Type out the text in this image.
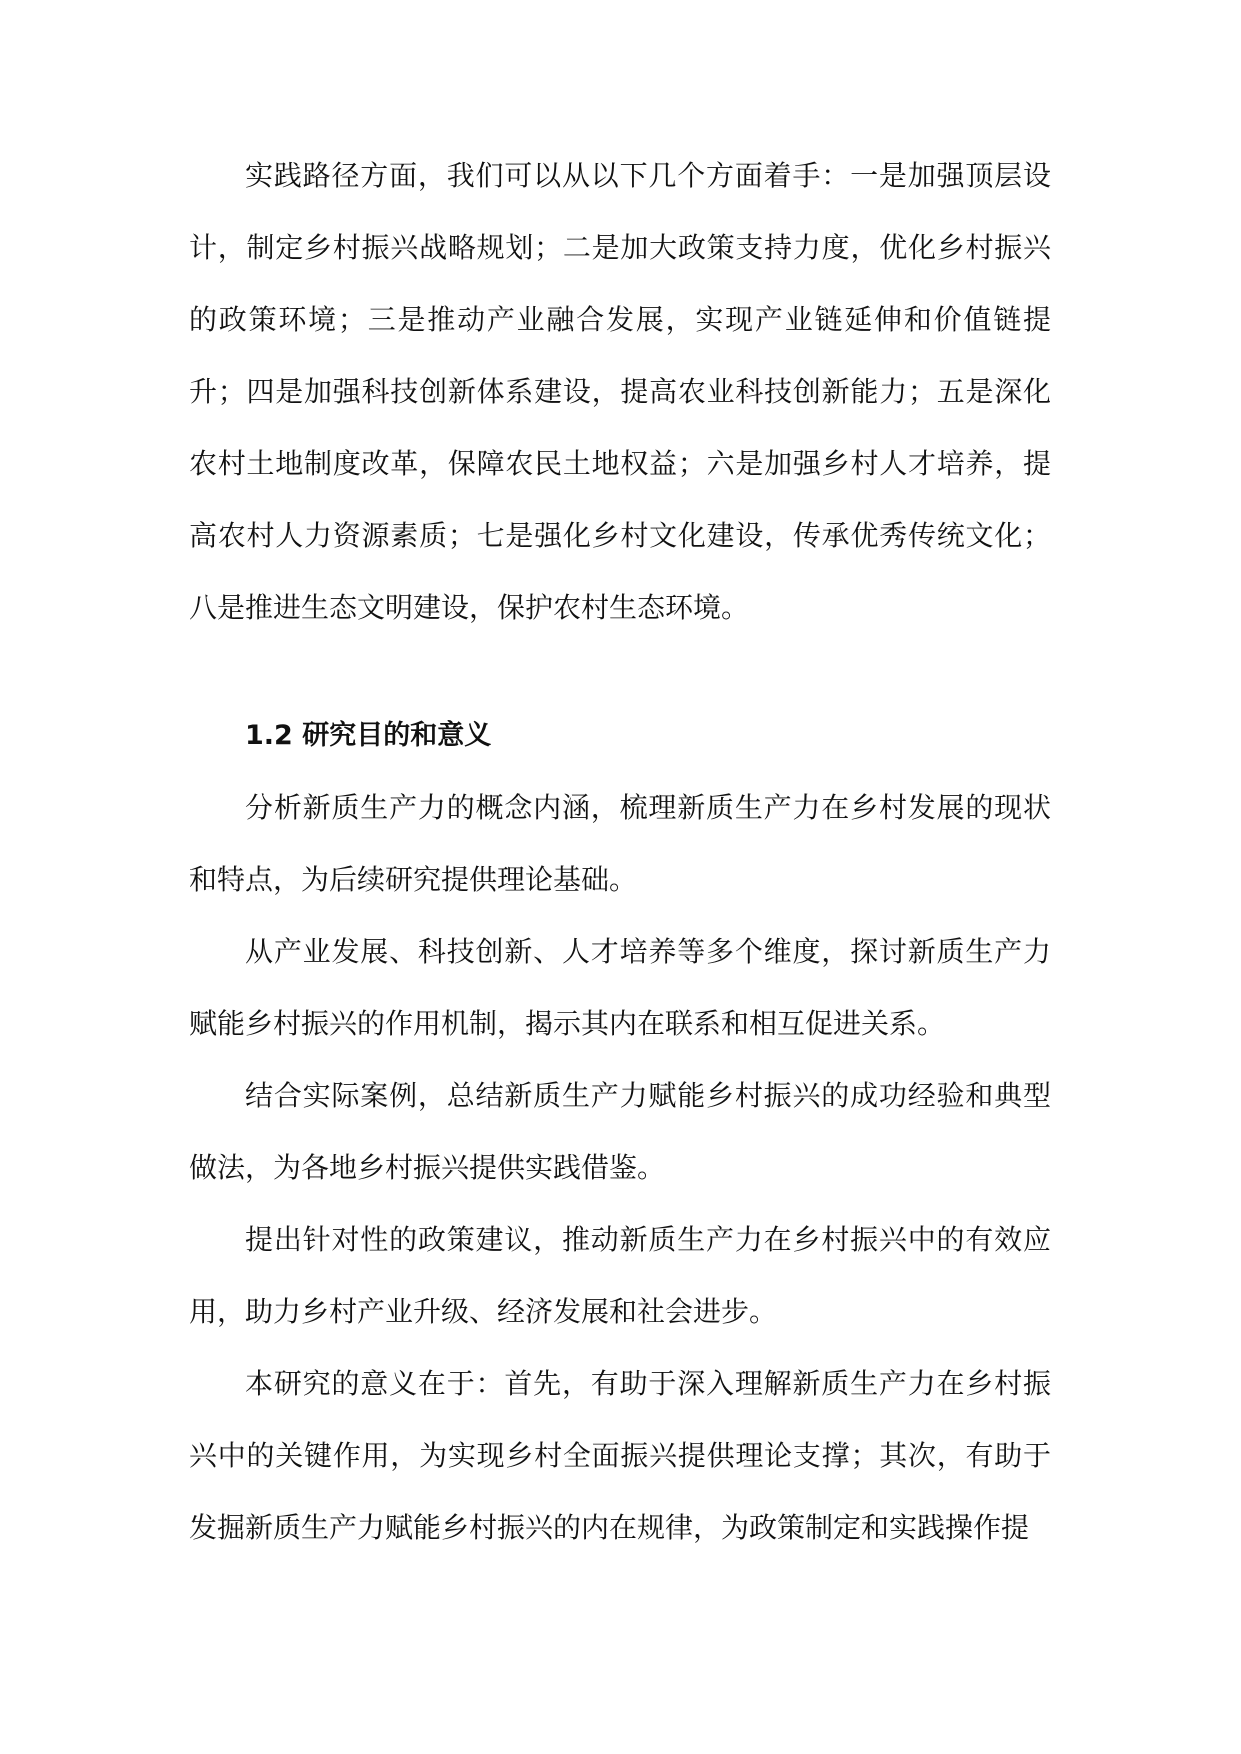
实践路径方面，我们可以从以下几个方面着手：一是加强顶层设计，制定乡村振兴战略规划；二是加大政策支持力度，优化乡村振兴的政策环境；三是推动产业融合发展，实现产业链延伸和价值链提升；四是加强科技创新体系建设，提高农业科技创新能力；五是深化农村土地制度改革，保障农民土地权益；六是加强乡村人才培养，提高农村人力资源素质；七是强化乡村文化建设，传承优秀传统文化；八是推进生态文明建设，保护农村生态环境。

1.2 研究目的和意义

分析新质生产力的概念内涵，梳理新质生产力在乡村发展的现状和特点，为后续研究提供理论基础。

从产业发展、科技创新、人才培养等多个维度，探讨新质生产力赋能乡村振兴的作用机制，揭示其内在联系和相互促进关系。

结合实际案例，总结新质生产力赋能乡村振兴的成功经验和典型做法，为各地乡村振兴提供实践借鉴。

提出针对性的政策建议，推动新质生产力在乡村振兴中的有效应用，助力乡村产业升级、经济发展和社会进步。

本研究的意义在于：首先，有助于深入理解新质生产力在乡村振兴中的关键作用，为实现乡村全面振兴提供理论支撑；其次，有助于发掘新质生产力赋能乡村振兴的内在规律，为政策制定和实践操作提
